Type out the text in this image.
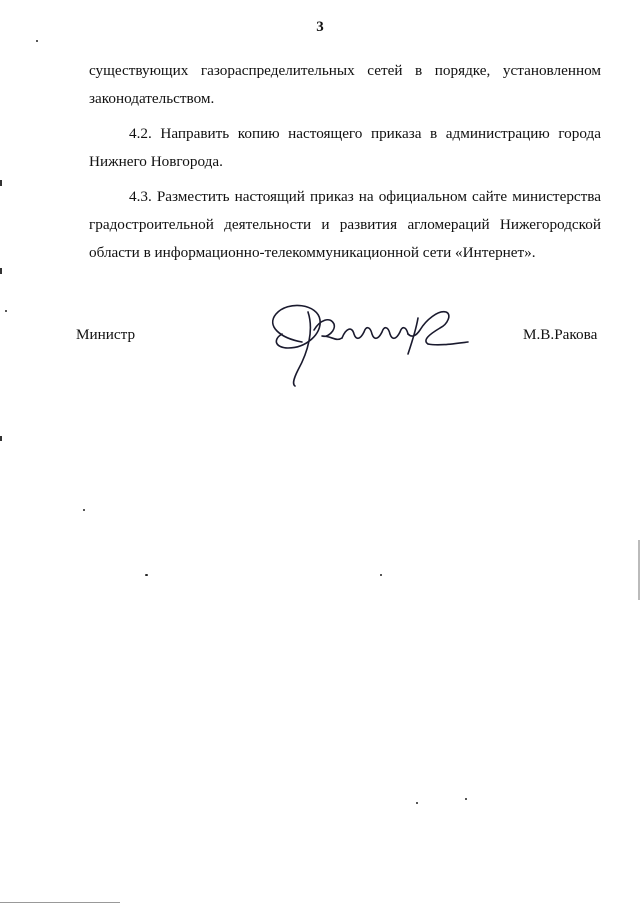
3

существующих газораспределительных сетей в порядке, установленном законодательством.

4.2. Направить копию настоящего приказа в администрацию города Нижнего Новгорода.

4.3. Разместить настоящий приказ на официальном сайте министерства градостроительной деятельности и развития агломераций Нижегородской области в информационно-телекоммуникационной сети «Интернет».

Министр	М.В.Ракова
